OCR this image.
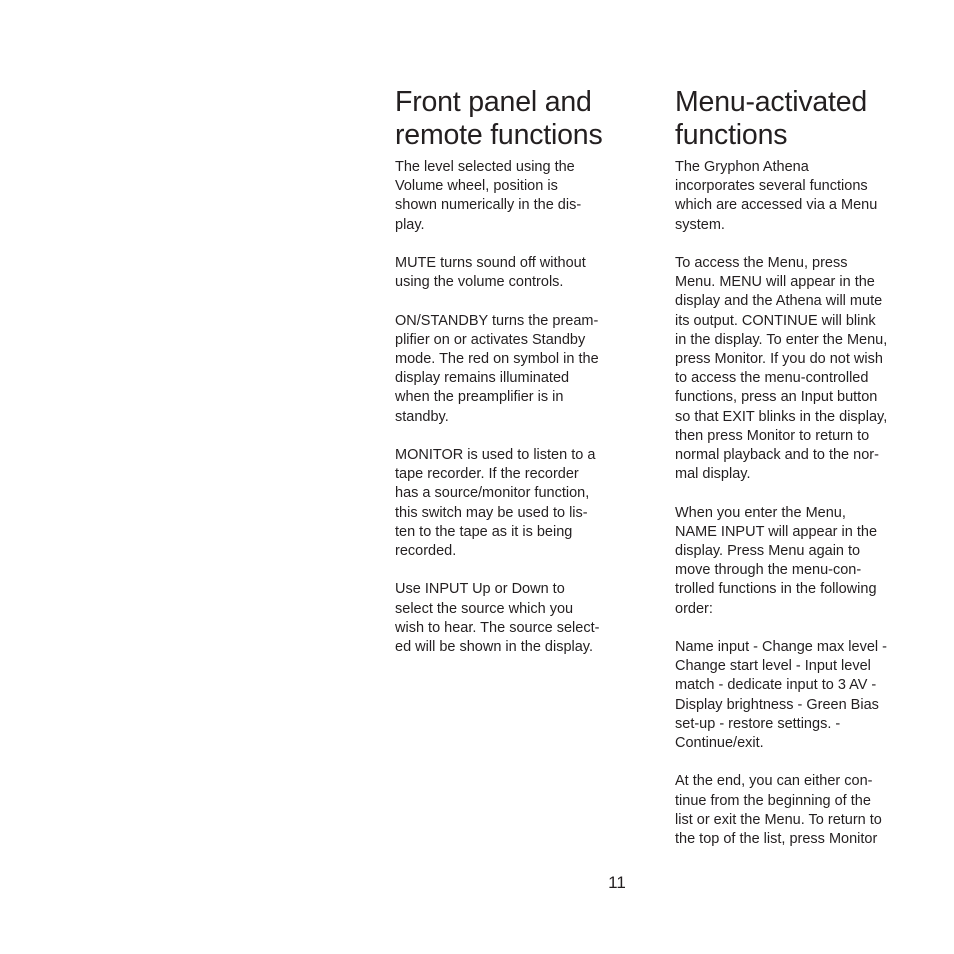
Front panel and
remote functions

The level selected using the
Volume wheel, position is
shown numerically in the dis-
play.

MUTE turns sound off without
using the volume controls.

ON/STANDBY turns the pream-
plifier on or activates Standby
mode. The red on symbol in the
display remains illuminated
when the preamplifier is in
standby.

MONITOR is used to listen to a
tape recorder. If the recorder
has a source/monitor function,
this switch may be used to lis-
ten to the tape as it is being
recorded.

Use INPUT Up or Down to
select the source which you
wish to hear. The source select-
ed will be shown in the display.

Menu-activated
functions

The Gryphon Athena
incorporates several functions
which are accessed via a Menu
system.

To access the Menu, press
Menu. MENU will appear in the
display and the Athena will mute
its output. CONTINUE will blink
in the display. To enter the Menu,
press Monitor. If you do not wish
to access the menu-controlled
functions, press an Input button
so that EXIT blinks in the display,
then press Monitor to return to
normal playback and to the nor-
mal display.

When you enter the Menu,
NAME INPUT will appear in the
display. Press Menu again to
move through the menu-con-
trolled functions in the following
order:

Name input - Change max level -
Change start level - Input level
match - dedicate input to 3 AV -
Display brightness - Green Bias
set-up - restore settings. -
Continue/exit.

At the end, you can either con-
tinue from the beginning of the
list or exit the Menu. To return to
the top of the list, press Monitor

11
